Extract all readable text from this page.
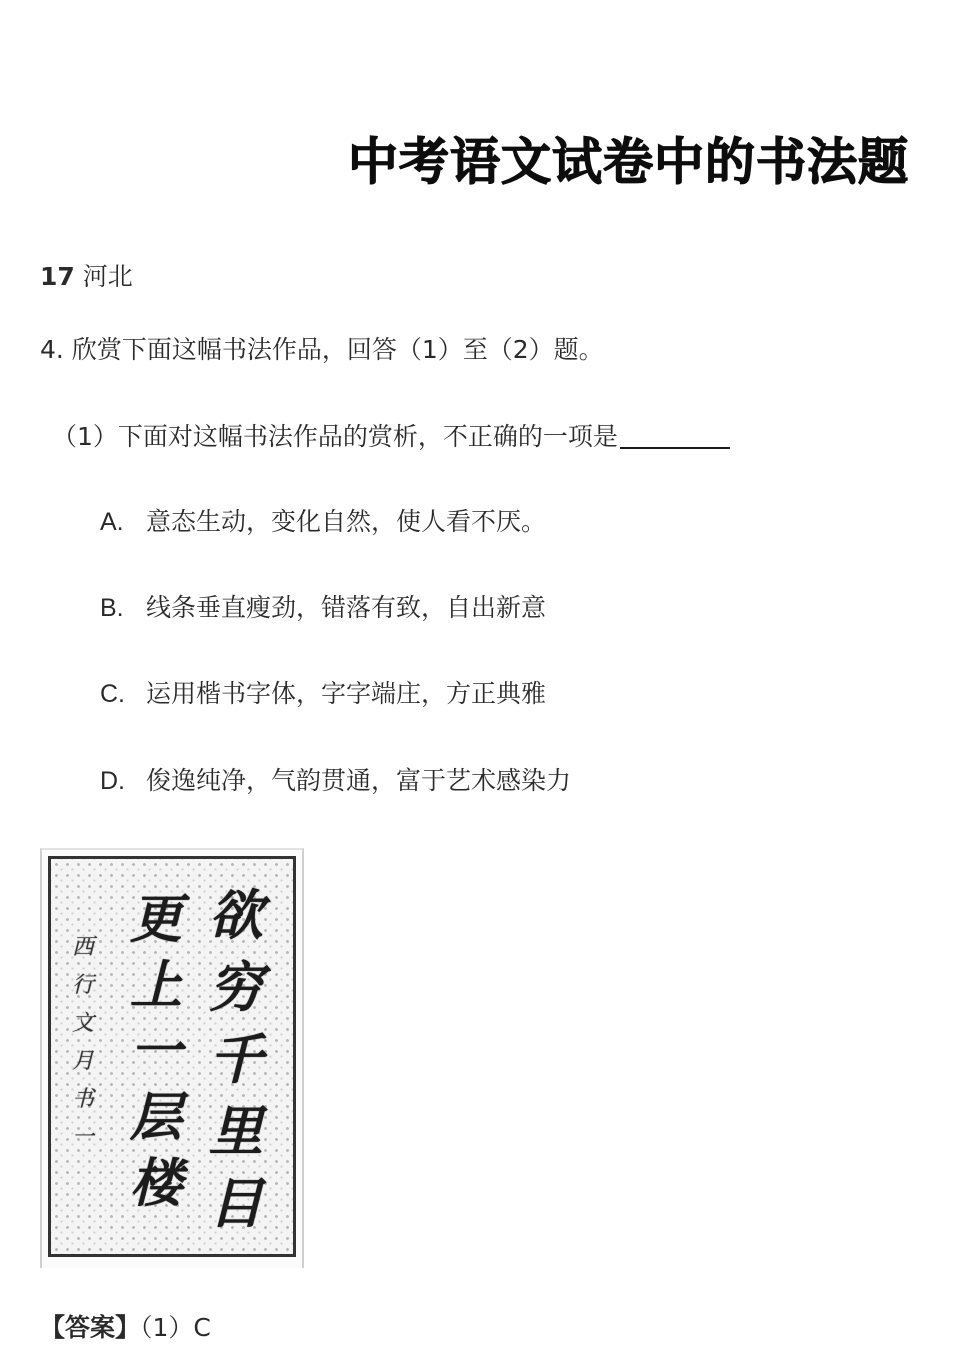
中考语文试卷中的书法题
17 河北
4. 欣赏下面这幅书法作品，回答（1）至（2）题。
（1）下面对这幅书法作品的赏析，不正确的一项是
A. 意态生动，变化自然，使人看不厌。
B. 线条垂直瘦劲，错落有致，自出新意
C. 运用楷书字体，字字端庄，方正典雅
D. 俊逸纯净，气韵贯通，富于艺术感染力
欲
穷
千
里
目
更
上
一
层
楼
西
行
文
月
书
一
【答案】（1）C
